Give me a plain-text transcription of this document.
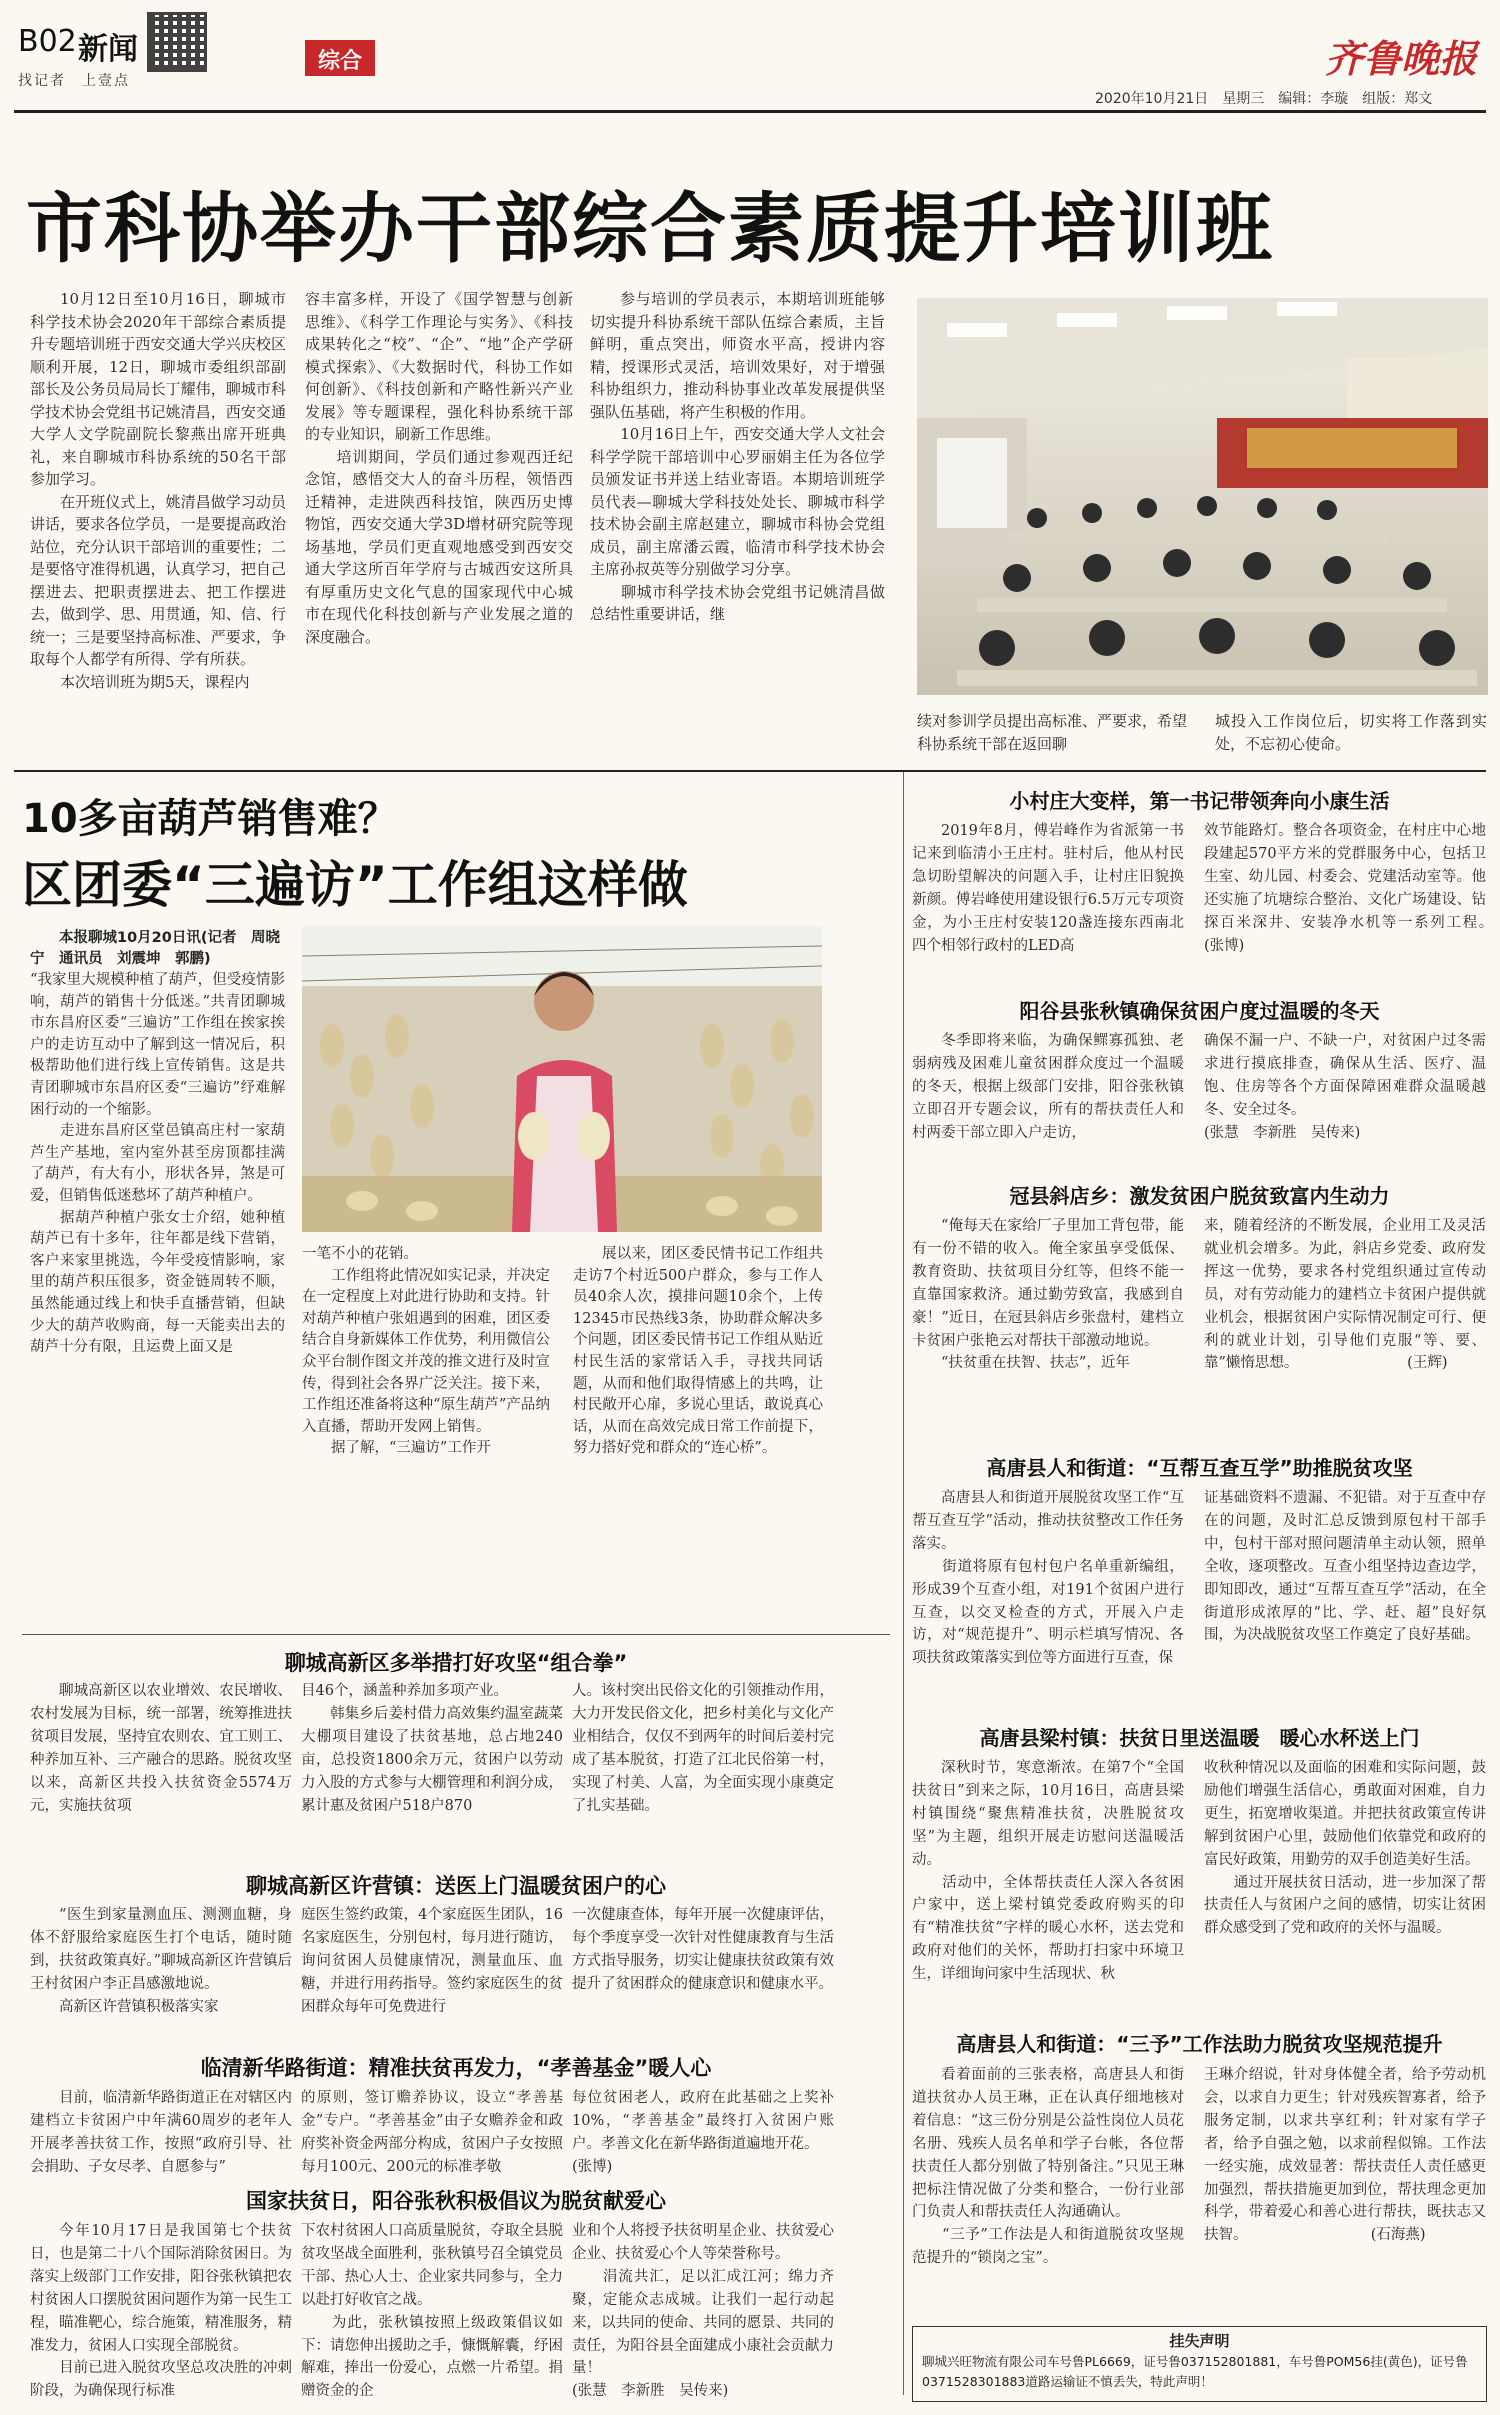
B02 新闻
找记者　上壹点
综合	齐鲁晚报
2020年10月21日　星期三　编辑：李璇　组版：郑文
市科协举办干部综合素质提升培训班
10月12日至10月16日，聊城市科学技术协会2020年干部综合素质提升专题培训班于西安交通大学兴庆校区顺利开展，12日，聊城市委组织部副部长及公务员局局长丁耀伟，聊城市科学技术协会党组书记姚清昌，西安交通大学人文学院副院长黎燕出席开班典礼，来自聊城市科协系统的50名干部参加学习。
　　在开班仪式上，姚清昌做学习动员讲话，要求各位学员，一是要提高政治站位，充分认识干部培训的重要性；二是要恪守准得机遇，认真学习，把自己摆进去、把职责摆进去、把工作摆进去，做到学、思、用贯通，知、信、行统一；三是要坚持高标准、严要求，争取每个人都学有所得、学有所获。
　　本次培训班为期5天，课程内
容丰富多样，开设了《国学智慧与创新思维》、《科学工作理论与实务》、《科技成果转化之“校”、“企”、“地”企产学研模式探索》、《大数据时代，科协工作如何创新》、《科技创新和产略性新兴产业发展》等专题课程，强化科协系统干部的专业知识，刷新工作思维。
　　培训期间，学员们通过参观西迁纪念馆，感悟交大人的奋斗历程，领悟西迁精神，走进陕西科技馆，陕西历史博物馆，西安交通大学3D增材研究院等现场基地，学员们更直观地感受到西安交通大学这所百年学府与古城西安这所具有厚重历史文化气息的国家现代中心城市在现代化科技创新与产业发展之道的深度融合。
参与培训的学员表示，本期培训班能够切实提升科协系统干部队伍综合素质，主旨鲜明，重点突出，师资水平高，授讲内容精，授课形式灵活，培训效果好，对于增强科协组织力，推动科协事业改革发展提供坚强队伍基础，将产生积极的作用。
　　10月16日上午，西安交通大学人文社会科学学院干部培训中心罗丽娟主任为各位学员颁发证书并送上结业寄语。本期培训班学员代表—聊城大学科技处处长、聊城市科学技术协会副主席赵建立，聊城市科协会党组成员，副主席潘云霞，临清市科学技术协会主席孙叔英等分别做学习分享。
　　聊城市科学技术协会党组书记姚清昌做总结性重要讲话，继
续对参训学员提出高标准、严要求，希望科协系统干部在返回聊
城投入工作岗位后，切实将工作落到实处，不忘初心使命。
10多亩葫芦销售难？
区团委“三遍访”工作组这样做
本报聊城10月20日讯(记者　周晓宁　通讯员　刘震坤　郭鹏)
“我家里大规模种植了葫芦，但受疫情影响，葫芦的销售十分低迷。”共青团聊城市东昌府区委“三遍访”工作组在挨家挨户的走访互动中了解到这一情况后，积极帮助他们进行线上宣传销售。这是共青团聊城市东昌府区委“三遍访”纾难解困行动的一个缩影。
　　走进东昌府区堂邑镇高庄村一家葫芦生产基地，室内室外甚至房顶都挂满了葫芦，有大有小，形状各异，煞是可爱，但销售低迷愁坏了葫芦种植户。
　　据葫芦种植户张女士介绍，她种植葫芦已有十多年，往年都是线下营销，客户来家里挑选，今年受疫情影响，家里的葫芦积压很多，资金链周转不顺，虽然能通过线上和快手直播营销，但缺少大的葫芦收购商，每一天能卖出去的葫芦十分有限，且运费上面又是
一笔不小的花销。
　　工作组将此情况如实记录，并决定在一定程度上对此进行协助和支持。针对葫芦种植户张姐遇到的困难，团区委结合自身新媒体工作优势，利用微信公众平台制作图文并茂的推文进行及时宣传，得到社会各界广泛关注。接下来，工作组还准备将这种“原生葫芦”产品纳入直播，帮助开发网上销售。
　　据了解，“三遍访”工作开
展以来，团区委民情书记工作组共走访7个村近500户群众，参与工作人员40余人次，摸排问题10余个，上传12345市民热线3条，协助群众解决多个问题，团区委民情书记工作组从贴近村民生活的家常话入手，寻找共同话题，从而和他们取得情感上的共鸣，让村民敞开心扉，多说心里话，敢说真心话，从而在高效完成日常工作前提下，努力搭好党和群众的“连心桥”。
聊城高新区多举措打好攻坚“组合拳”
聊城高新区以农业增效、农民增收、农村发展为目标，统一部署，统筹推进扶贫项目发展，坚持宜农则农、宜工则工、种养加互补、三产融合的思路。脱贫攻坚以来，高新区共投入扶贫资金5574万元，实施扶贫项
目46个，涵盖种养加多项产业。
　　韩集乡后姜村借力高效集约温室蔬菜大棚项目建设了扶贫基地，总占地240亩，总投资1800余万元，贫困户以劳动力入股的方式参与大棚管理和利润分成，累计惠及贫困户518户870
人。该村突出民俗文化的引领推动作用，大力开发民俗文化，把乡村美化与文化产业相结合，仅仅不到两年的时间后姜村完成了基本脱贫，打造了江北民俗第一村，实现了村美、人富，为全面实现小康奠定了扎实基础。
聊城高新区许营镇：送医上门温暖贫困户的心
“医生到家量测血压、测测血糖，身体不舒服给家庭医生打个电话，随时随到，扶贫政策真好。”聊城高新区许营镇后王村贫困户李正昌感激地说。
　　高新区许营镇积极落实家
庭医生签约政策，4个家庭医生团队，16名家庭医生，分别包村，每月进行随访，询问贫困人员健康情况，测量血压、血糖，并进行用药指导。签约家庭医生的贫困群众每年可免费进行
一次健康查体，每年开展一次健康评估，每个季度享受一次针对性健康教育与生活方式指导服务，切实让健康扶贫政策有效提升了贫困群众的健康意识和健康水平。
临清新华路街道：精准扶贫再发力，“孝善基金”暖人心
目前，临清新华路街道正在对辖区内建档立卡贫困户中年满60周岁的老年人开展孝善扶贫工作，按照“政府引导、社会捐助、子女尽孝、自愿参与”
的原则，签订赡养协议，设立“孝善基金”专户。“孝善基金”由子女赡养金和政府奖补资金两部分构成，贫困户子女按照每月100元、200元的标准孝敬
每位贫困老人，政府在此基础之上奖补10%，“孝善基金”最终打入贫困户账户。孝善文化在新华路街道遍地开花。
(张博)
国家扶贫日，阳谷张秋积极倡议为脱贫献爱心
今年10月17日是我国第七个扶贫日，也是第二十八个国际消除贫困日。为落实上级部门工作安排，阳谷张秋镇把农村贫困人口摆脱贫困问题作为第一民生工程，瞄准靶心，综合施策，精准服务，精准发力，贫困人口实现全部脱贫。
　　目前已进入脱贫攻坚总攻决胜的冲刺阶段，为确保现行标准
下农村贫困人口高质量脱贫，夺取全县脱贫攻坚战全面胜利，张秋镇号召全镇党员干部、热心人士、企业家共同参与，全力以赴打好收官之战。
　　为此，张秋镇按照上级政策倡议如下：请您伸出援助之手，慷慨解囊，纾困解难，捧出一份爱心，点燃一片希望。捐赠资金的企
业和个人将授予扶贫明星企业、扶贫爱心企业、扶贫爱心个人等荣誉称号。
　　涓流共汇，足以汇成江河；绵力齐聚，定能众志成城。让我们一起行动起来，以共同的使命、共同的愿景、共同的责任，为阳谷县全面建成小康社会贡献力量！
(张慧　李新胜　吴传来)
小村庄大变样，第一书记带领奔向小康生活
2019年8月，傅岩峰作为省派第一书记来到临清小王庄村。驻村后，他从村民急切盼望解决的问题入手，让村庄旧貌换新颜。傅岩峰使用建设银行6.5万元专项资金，为小王庄村安装120盏连接东西南北四个相邻行政村的LED高
效节能路灯。整合各项资金，在村庄中心地段建起570平方米的党群服务中心，包括卫生室、幼儿园、村委会、党建活动室等。他还实施了坑塘综合整治、文化广场建设、钻探百米深井、安装净水机等一系列工程。　　　　　　　(张博)
阳谷县张秋镇确保贫困户度过温暖的冬天
冬季即将来临，为确保鳏寡孤独、老弱病残及困难儿童贫困群众度过一个温暖的冬天，根据上级部门安排，阳谷张秋镇立即召开专题会议，所有的帮扶责任人和村两委干部立即入户走访，
确保不漏一户、不缺一户，对贫困户过冬需求进行摸底排查，确保从生活、医疗、温饱、住房等各个方面保障困难群众温暖越冬、安全过冬。
(张慧　李新胜　吴传来)
冠县斜店乡：激发贫困户脱贫致富内生动力
“俺每天在家给厂子里加工背包带，能有一份不错的收入。俺全家虽享受低保、教育资助、扶贫项目分红等，但终不能一直靠国家救济。通过勤劳致富，我感到自豪！”近日，在冠县斜店乡张盘村，建档立卡贫困户张艳云对帮扶干部激动地说。
　　“扶贫重在扶智、扶志”，近年
来，随着经济的不断发展，企业用工及灵活就业机会增多。为此，斜店乡党委、政府发挥这一优势，要求各村党组织通过宣传动员，对有劳动能力的建档立卡贫困户提供就业机会，根据贫困户实际情况制定可行、便利的就业计划，引导他们克服“等、要、靠”懒惰思想。　　　　　　　　(王辉)
高唐县人和街道：“互帮互查互学”助推脱贫攻坚
高唐县人和街道开展脱贫攻坚工作“互帮互查互学”活动，推动扶贫整改工作任务落实。
　　街道将原有包村包户名单重新编组，形成39个互查小组，对191个贫困户进行互查，以交叉检查的方式，开展入户走访，对“规范提升”、明示栏填写情况、各项扶贫政策落实到位等方面进行互查，保
证基础资料不遗漏、不犯错。对于互查中存在的问题，及时汇总反馈到原包村干部手中，包村干部对照问题清单主动认领，照单全收，逐项整改。互查小组坚持边查边学，即知即改，通过“互帮互查互学”活动，在全街道形成浓厚的“比、学、赶、超”良好氛围，为决战脱贫攻坚工作奠定了良好基础。
高唐县梁村镇：扶贫日里送温暖　暖心水杯送上门
深秋时节，寒意渐浓。在第7个“全国扶贫日”到来之际，10月16日，高唐县梁村镇围绕“聚焦精准扶贫，决胜脱贫攻坚”为主题，组织开展走访慰问送温暖活动。
　　活动中，全体帮扶责任人深入各贫困户家中，送上梁村镇党委政府购买的印有“精准扶贫”字样的暖心水杯，送去党和政府对他们的关怀，帮助打扫家中环境卫生，详细询问家中生活现状、秋
收秋种情况以及面临的困难和实际问题，鼓励他们增强生活信心，勇敢面对困难，自力更生，拓宽增收渠道。并把扶贫政策宣传讲解到贫困户心里，鼓励他们依靠党和政府的富民好政策，用勤劳的双手创造美好生活。
　　通过开展扶贫日活动，进一步加深了帮扶责任人与贫困户之间的感情，切实让贫困群众感受到了党和政府的关怀与温暖。
高唐县人和街道：“三予”工作法助力脱贫攻坚规范提升
看着面前的三张表格，高唐县人和街道扶贫办人员王琳，正在认真仔细地核对着信息：“这三份分别是公益性岗位人员花名册、残疾人员名单和学子台帐，各位帮扶责任人都分别做了特别备注。”只见王琳把标注情况做了分类和整合，一份行业部门负责人和帮扶责任人沟通确认。
　　“三予”工作法是人和街道脱贫攻坚规范提升的“锁岗之宝”。
王琳介绍说，针对身体健全者，给予劳动机会，以求自力更生；针对残疾智寡者，给予服务定制，以求共享红利；针对家有学子者，给予自强之勉，以求前程似锦。工作法一经实施，成效显著：帮扶责任人责任感更加强烈，帮扶措施更加到位，帮扶理念更加科学，带着爱心和善心进行帮扶，既扶志又扶智。　　　　　　　　　(石海燕)
挂失声明
聊城兴旺物流有限公司车号鲁PL6669，证号鲁037152801881，车号鲁POM56挂(黄色)，证号鲁0371528301883道路运输证不慎丢失，特此声明！
